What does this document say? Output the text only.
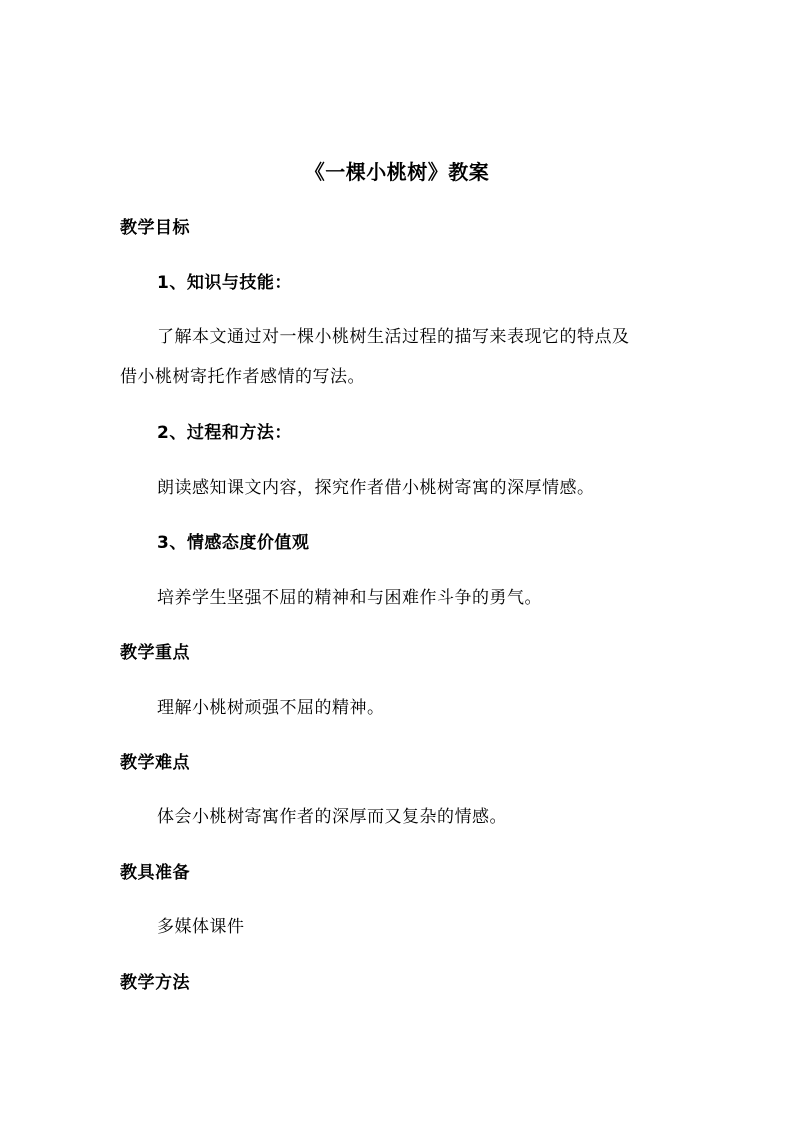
《一棵小桃树》教案
教学目标
1、知识与技能：
了解本文通过对一棵小桃树生活过程的描写来表现它的特点及
借小桃树寄托作者感情的写法。
2、过程和方法：
朗读感知课文内容，探究作者借小桃树寄寓的深厚情感。
3、情感态度价值观
培养学生坚强不屈的精神和与困难作斗争的勇气。
教学重点
理解小桃树顽强不屈的精神。
教学难点
体会小桃树寄寓作者的深厚而又复杂的情感。
教具准备
多媒体课件
教学方法
